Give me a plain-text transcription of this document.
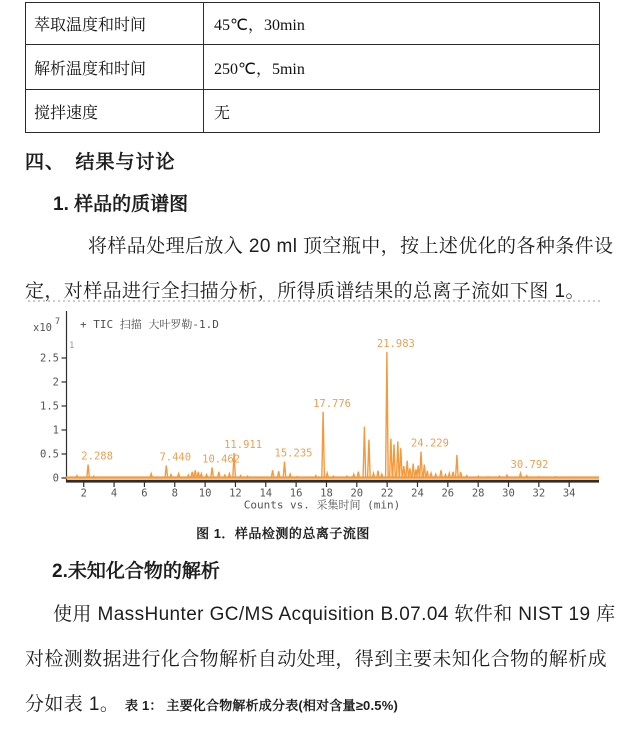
萃取温度和时间	45℃，30min
解析温度和时间	250℃，5min
搅拌速度	无
四、　结果与讨论
1. 样品的质谱图
将样品处理后放入 20 ml 顶空瓶中，按上述优化的各种条件设
定，对样品进行全扫描分析，所得质谱结果的总离子流如下图 1。
0
0.5
1
1.5
2
2.5
2 4 6 8 10 12 14 16 18 20 22 24 26 28 30 32 34
Counts vs. 采集时间 (min)
2.288	7.440 10.462
11.911
15.235
17.776
21.983
24.229
30.792
x10 7 + TIC 扫描 大叶罗勒-1.D
1
图 1．样品检测的总离子流图
2.未知化合物的解析
使用 MassHunter GC/MS Acquisition B.07.04 软件和 NIST 19 库
对检测数据进行化合物解析自动处理，得到主要未知化合物的解析成
分如表 1。 表 1： 主要化合物解析成分表(相对含量≥0.5%)
